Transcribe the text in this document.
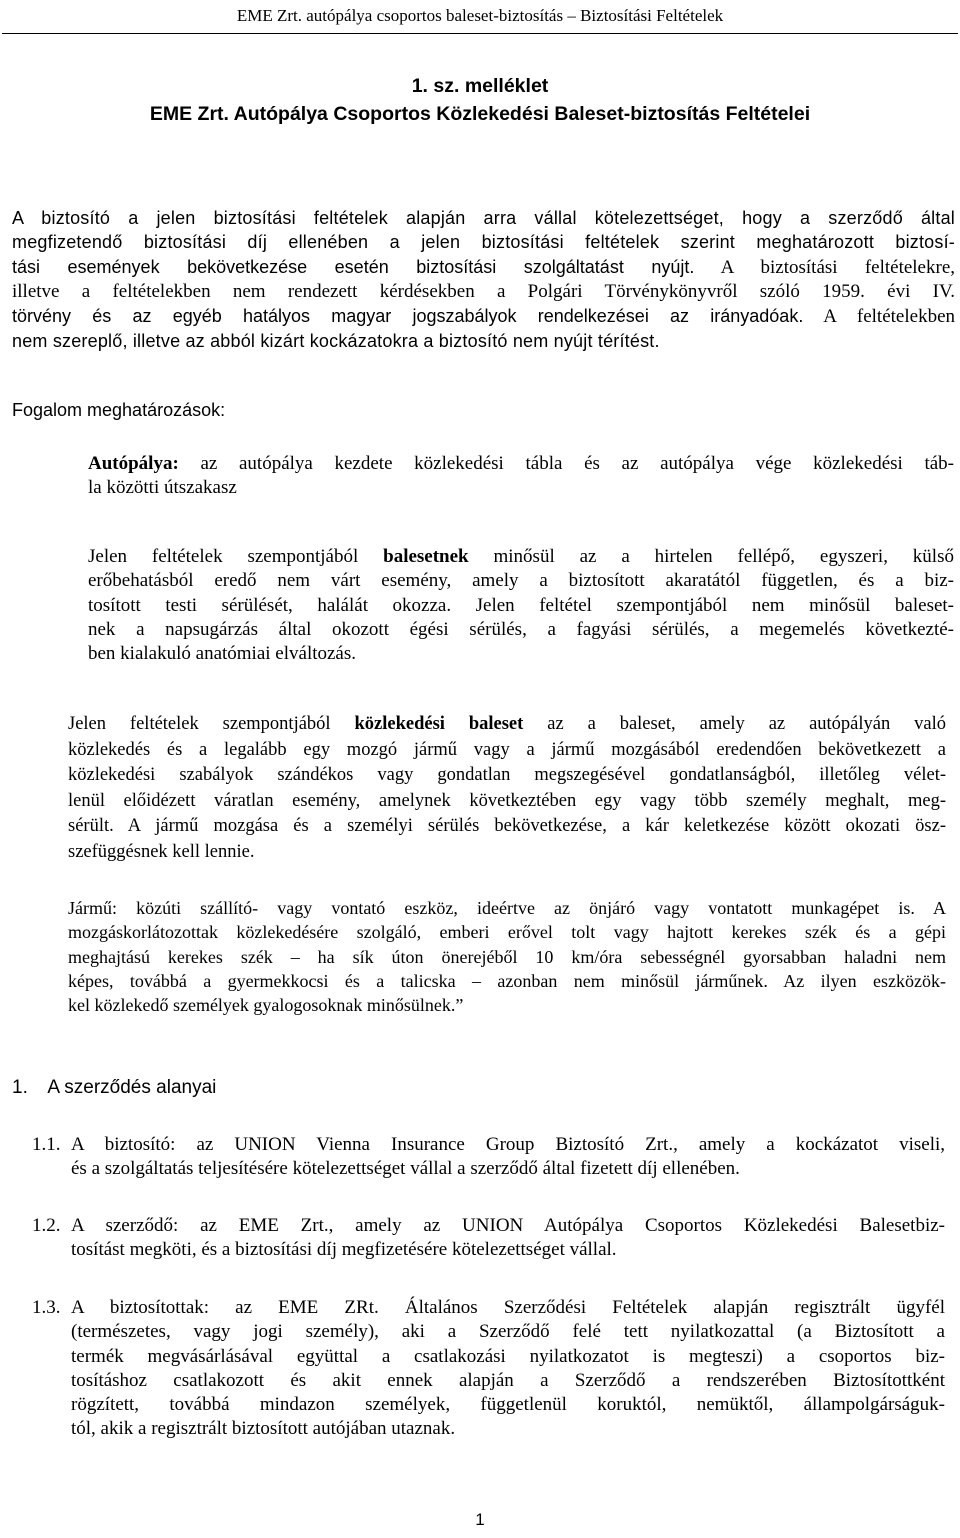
EME Zrt. autópálya csoportos baleset-biztosítás – Biztosítási Feltételek
1. sz. melléklet
EME Zrt. Autópálya Csoportos Közlekedési Baleset-biztosítás Feltételei
A biztosító a jelen biztosítási feltételek alapján arra vállal kötelezettséget, hogy a szerződő által
megfizetendő biztosítási díj ellenében a jelen biztosítási feltételek szerint meghatározott biztosí-
tási események bekövetkezése esetén biztosítási szolgáltatást nyújt. A biztosítási feltételekre,
illetve a feltételekben nem rendezett kérdésekben a Polgári Törvénykönyvről szóló 1959. évi IV.
törvény és az egyéb hatályos magyar jogszabályok rendelkezései az irányadóak. A feltételekben
nem szereplő, illetve az abból kizárt kockázatokra a biztosító nem nyújt térítést.
Fogalom meghatározások:
Autópálya: az autópálya kezdete közlekedési tábla és az autópálya vége közlekedési táb-
la közötti útszakasz
Jelen feltételek szempontjából balesetnek minősül az a hirtelen fellépő, egyszeri, külső
erőbehatásból eredő nem várt esemény, amely a biztosított akaratától független, és a biz-
tosított testi sérülését, halálát okozza. Jelen feltétel szempontjából nem minősül baleset-
nek a napsugárzás által okozott égési sérülés, a fagyási sérülés, a megemelés következté-
ben kialakuló anatómiai elváltozás.
Jelen feltételek szempontjából közlekedési baleset az a baleset, amely az autópályán való
közlekedés és a legalább egy mozgó jármű vagy a jármű mozgásából eredendően bekövetkezett a
közlekedési szabályok szándékos vagy gondatlan megszegésével gondatlanságból, illetőleg vélet-
lenül előidézett váratlan esemény, amelynek következtében egy vagy több személy meghalt, meg-
sérült. A jármű mozgása és a személyi sérülés bekövetkezése, a kár keletkezése között okozati ösz-
szefüggésnek kell lennie.
Jármű: közúti szállító- vagy vontató eszköz, ideértve az önjáró vagy vontatott munkagépet is. A
mozgáskorlátozottak közlekedésére szolgáló, emberi erővel tolt vagy hajtott kerekes szék és a gépi
meghajtású kerekes szék – ha sík úton önerejéből 10 km/óra sebességnél gyorsabban haladni nem
képes, továbbá a gyermekkocsi és a talicska – azonban nem minősül járműnek. Az ilyen eszközök-
kel közlekedő személyek gyalogosoknak minősülnek.”
1. A szerződés alanyai
1.1. A biztosító: az UNION Vienna Insurance Group Biztosító Zrt., amely a kockázatot viseli,
és a szolgáltatás teljesítésére kötelezettséget vállal a szerződő által fizetett díj ellenében.
1.2. A szerződő: az EME Zrt., amely az UNION Autópálya Csoportos Közlekedési Balesetbiz-
tosítást megköti, és a biztosítási díj megfizetésére kötelezettséget vállal.
1.3. A biztosítottak: az EME ZRt. Általános Szerződési Feltételek alapján regisztrált ügyfél
(természetes, vagy jogi személy), aki a Szerződő felé tett nyilatkozattal (a Biztosított a
termék megvásárlásával együttal a csatlakozási nyilatkozatot is megteszi) a csoportos biz-
tosításhoz csatlakozott és akit ennek alapján a Szerződő a rendszerében Biztosítottként
rögzített, továbbá mindazon személyek, függetlenül koruktól, nemüktől, állampolgárságuk-
tól, akik a regisztrált biztosított autójában utaznak.
1
